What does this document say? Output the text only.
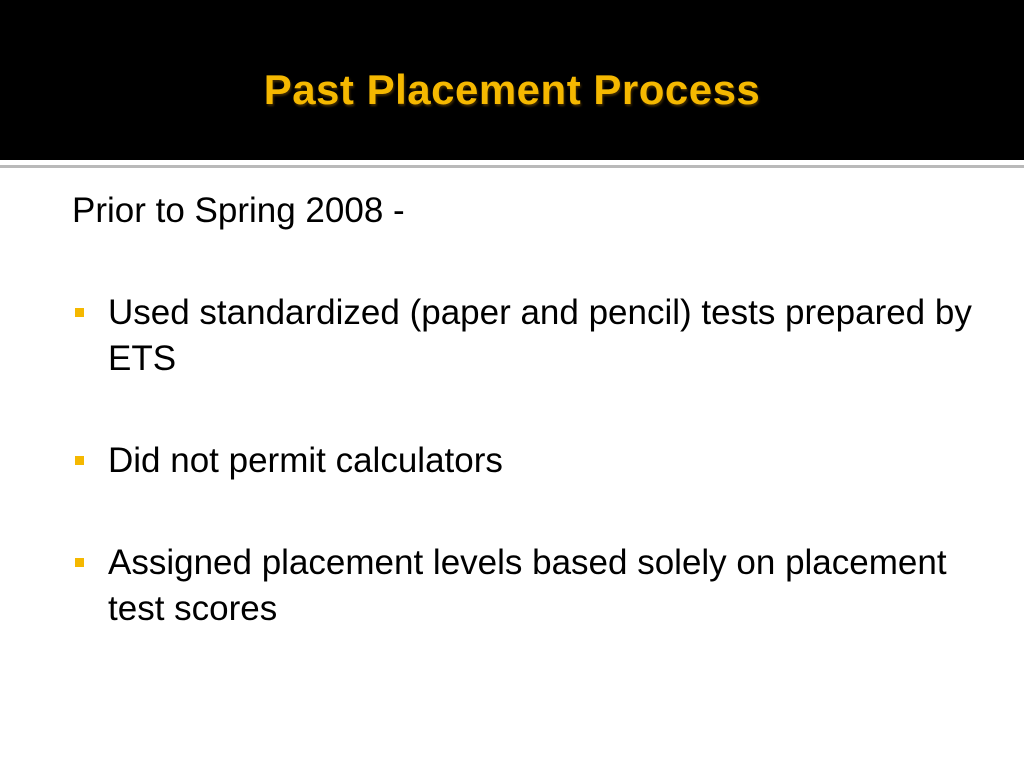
Past Placement Process

Prior to Spring 2008 -

Used standardized (paper and pencil) tests prepared by ETS
Did not permit calculators
Assigned placement levels based solely on placement test scores
